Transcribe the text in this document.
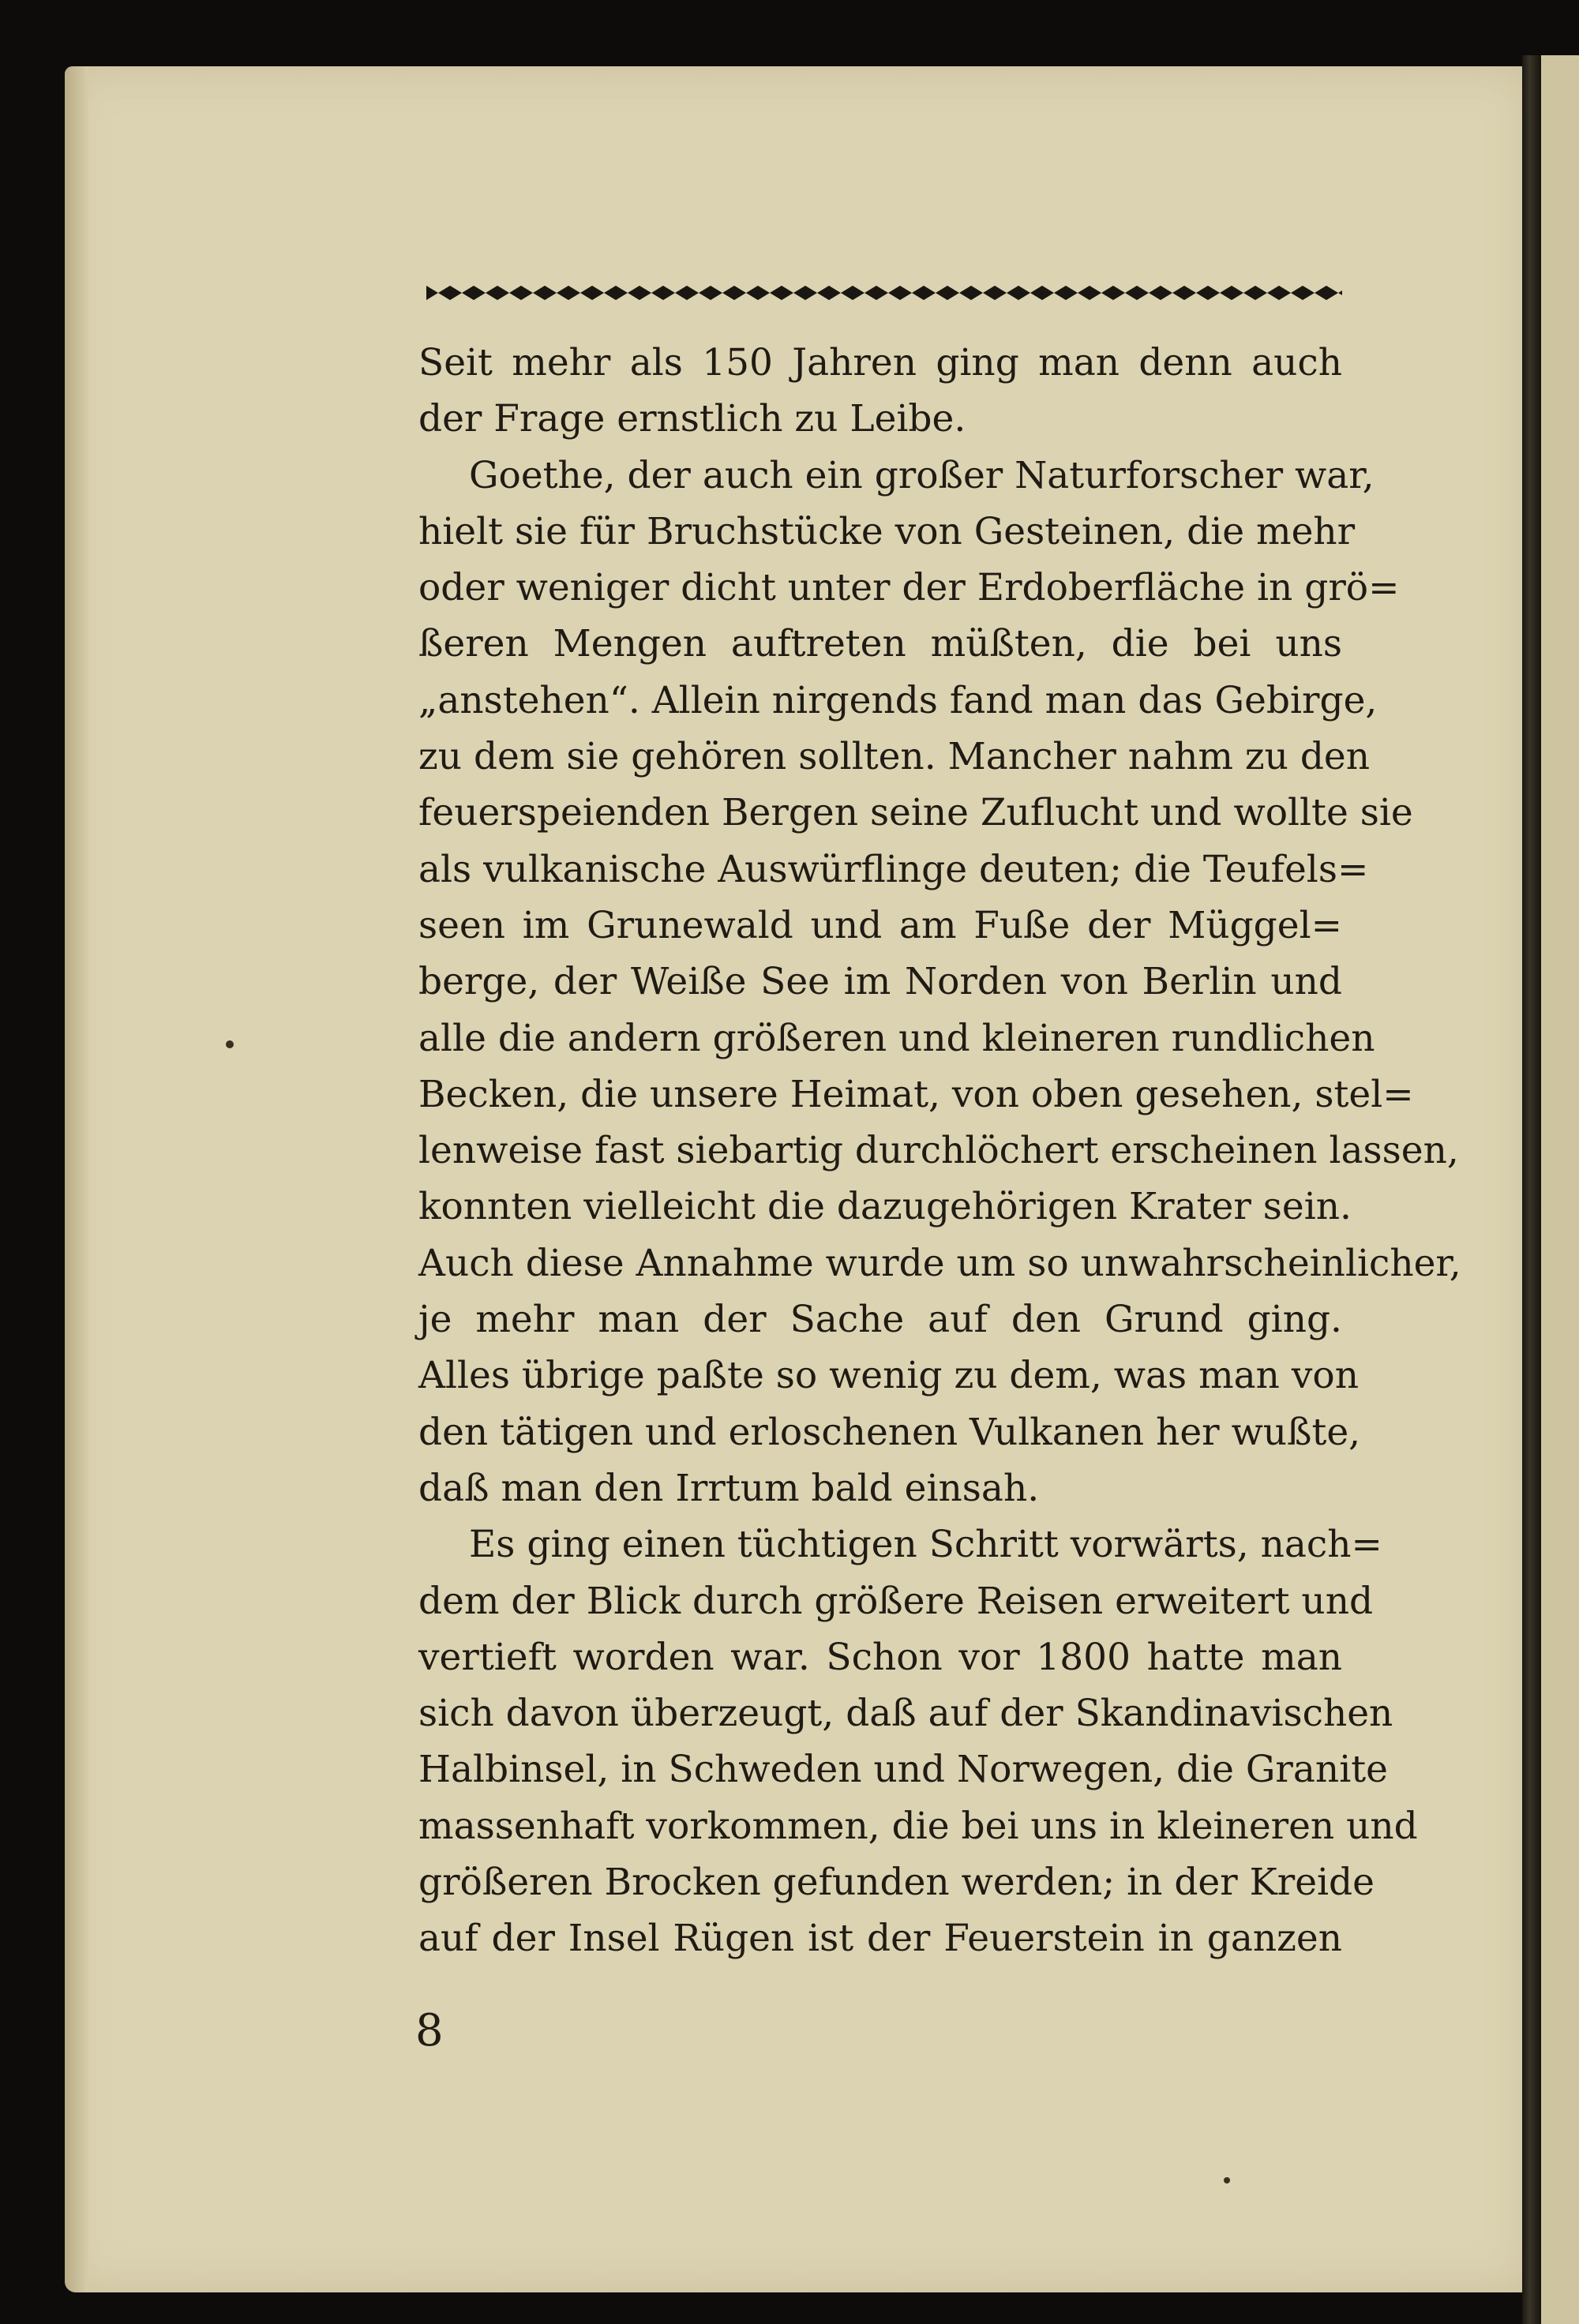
Seit mehr als 150 Jahren ging man denn auch
der Frage ernstlich zu Leibe.
Goethe, der auch ein großer Naturforscher war,
hielt sie für Bruchstücke von Gesteinen, die mehr
oder weniger dicht unter der Erdoberfläche in grö=
ßeren Mengen auftreten müßten, die bei uns
„anstehen“. Allein nirgends fand man das Gebirge,
zu dem sie gehören sollten. Mancher nahm zu den
feuerspeienden Bergen seine Zuflucht und wollte sie
als vulkanische Auswürflinge deuten; die Teufels=
seen im Grunewald und am Fuße der Müggel=
berge, der Weiße See im Norden von Berlin und
alle die andern größeren und kleineren rundlichen
Becken, die unsere Heimat, von oben gesehen, stel=
lenweise fast siebartig durchlöchert erscheinen lassen,
konnten vielleicht die dazugehörigen Krater sein.
Auch diese Annahme wurde um so unwahrscheinlicher,
je mehr man der Sache auf den Grund ging.
Alles übrige paßte so wenig zu dem, was man von
den tätigen und erloschenen Vulkanen her wußte,
daß man den Irrtum bald einsah.
Es ging einen tüchtigen Schritt vorwärts, nach=
dem der Blick durch größere Reisen erweitert und
vertieft worden war. Schon vor 1800 hatte man
sich davon überzeugt, daß auf der Skandinavischen
Halbinsel, in Schweden und Norwegen, die Granite
massenhaft vorkommen, die bei uns in kleineren und
größeren Brocken gefunden werden; in der Kreide
auf der Insel Rügen ist der Feuerstein in ganzen
8
